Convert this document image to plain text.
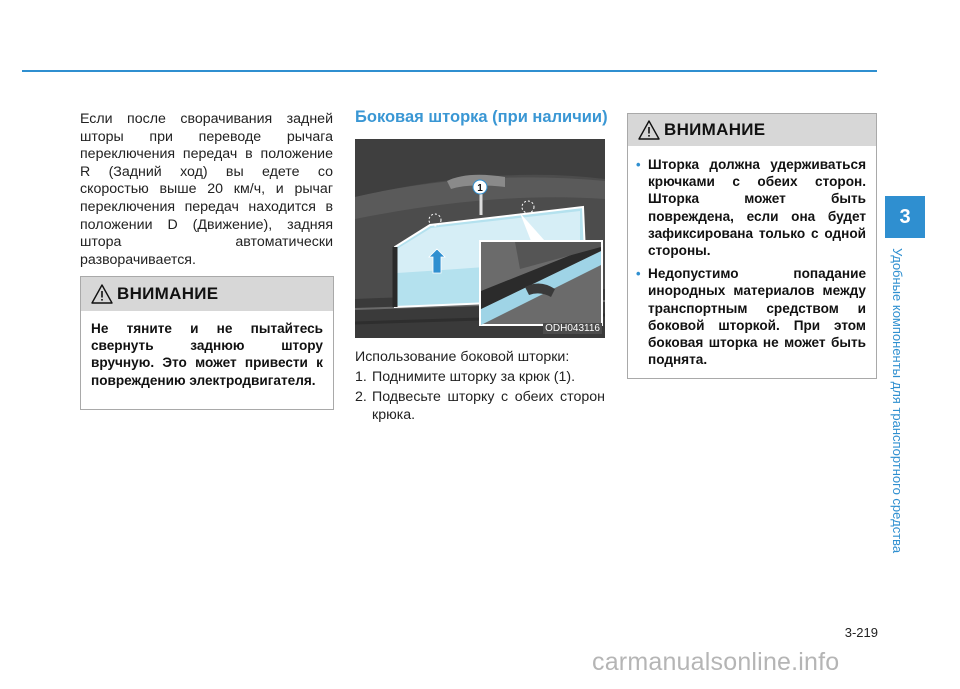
Если после сворачивания задней шторы при переводе рычага переключения передач в положение R (Задний ход) вы едете со скоростью выше 20 км/ч, и рычаг переключения передач находится в положении D (Движение), задняя штора автоматически разворачивается.
ВНИМАНИЕ
Не тяните и не пытайтесь свернуть заднюю штору вручную. Это может привести к повреждению электродвигателя.
Боковая шторка (при наличии)
1
ODH043116
Использование боковой шторки:
1. Поднимите шторку за крюк (1).
2. Подвесьте шторку с обеих сторон крюка.
ВНИМАНИЕ
• Шторка должна удерживаться крючками с обеих сторон. Шторка может быть повреждена, если она будет зафиксирована только с одной стороны.
• Недопустимо попадание инородных материалов между транспортным средством и боковой шторкой. При этом боковая шторка не может быть поднята.
3
Удобные компоненты для транспортного средства
3-219
carmanualsonline.info
